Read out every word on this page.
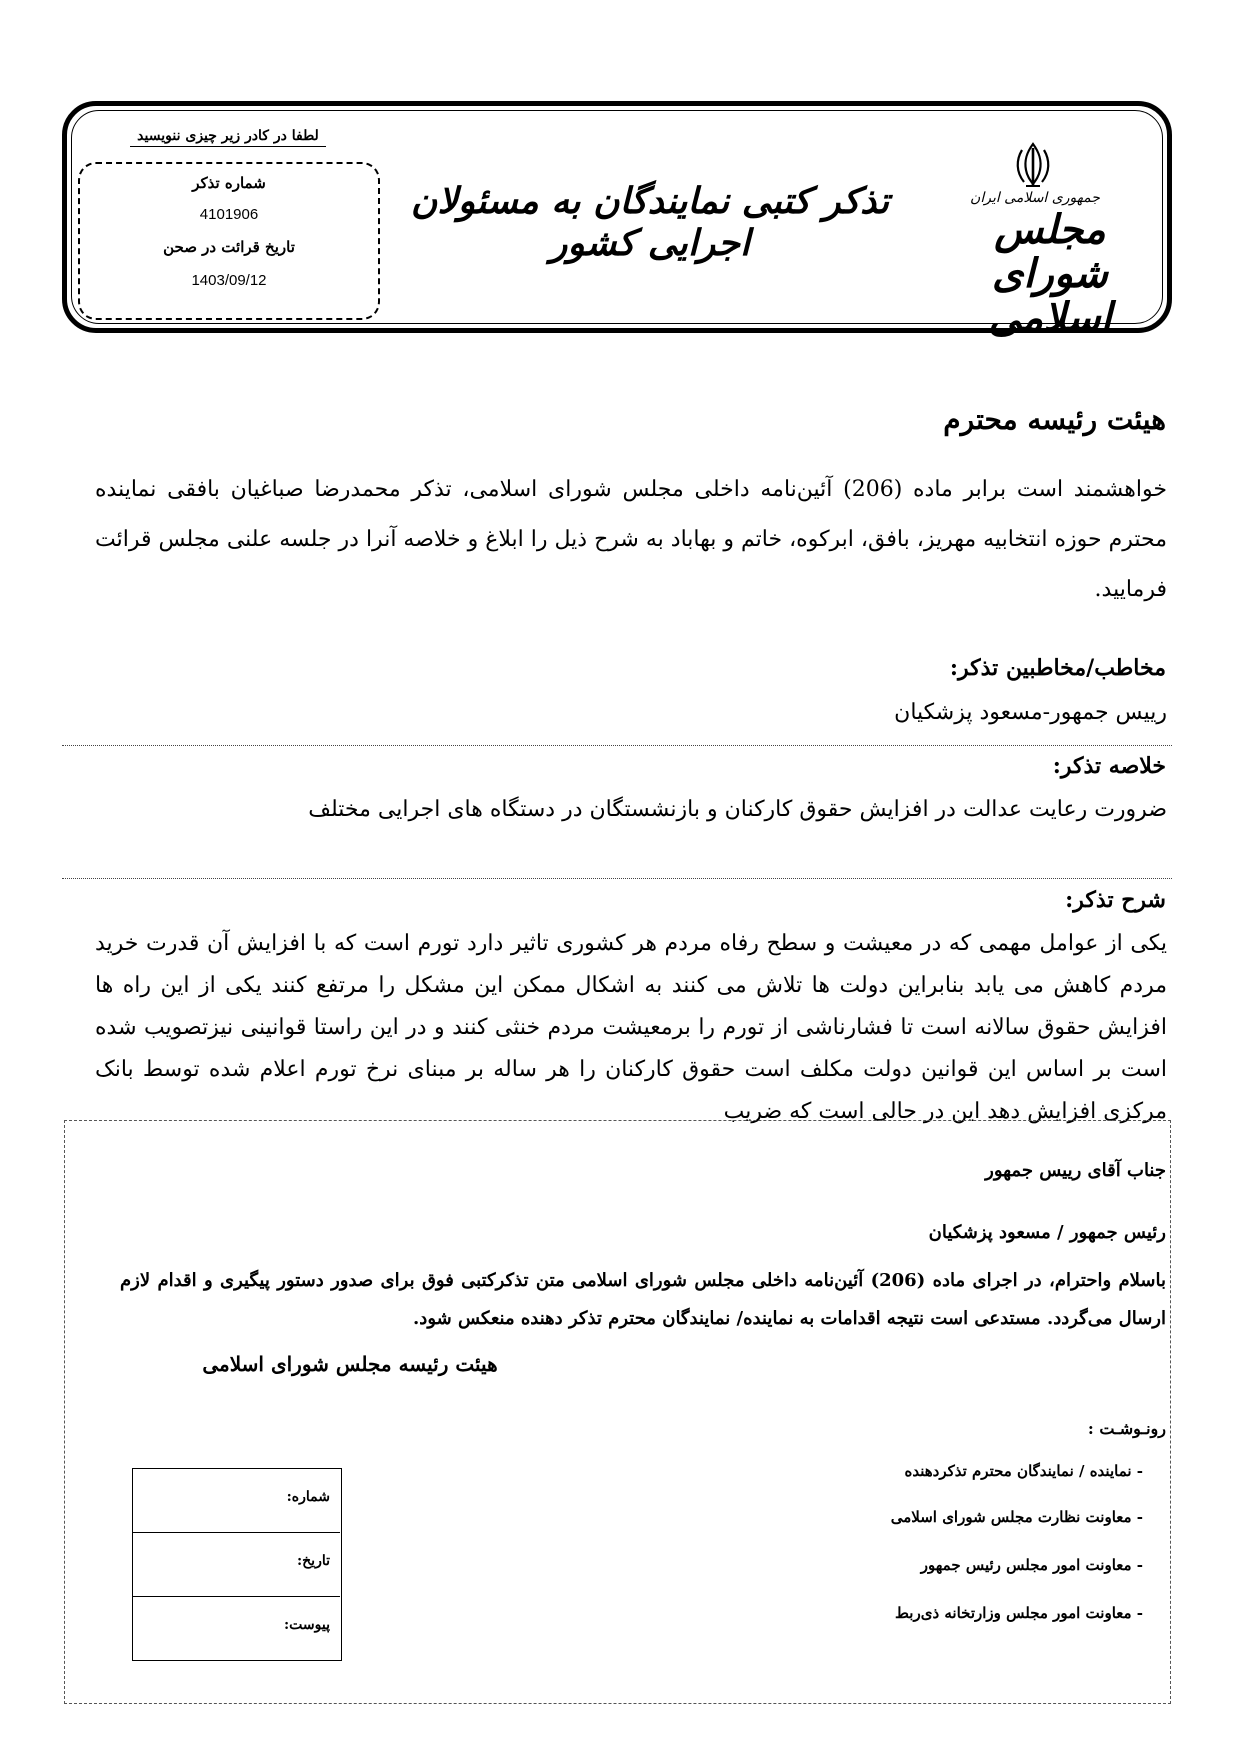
لطفا در کادر زیر چیزی ننویسید
شماره تذکر
4101906
تاریخ قرائت در صحن
1403/09/12
تذکر کتبی نمایندگان به مسئولان اجرایی کشور
جمهوری اسلامی ایران
مجلس شورای اسلامی
هیئت رئیسه محترم
خواهشمند است برابر ماده (206) آئین‌نامه داخلی مجلس شورای اسلامی، تذکر محمدرضا صباغیان بافقی نماینده محترم حوزه انتخابیه مهریز، بافق، ابرکوه، خاتم و بهاباد به شرح ذیل را ابلاغ و خلاصه آنرا در جلسه علنی مجلس قرائت فرمایید.
مخاطب/مخاطبین تذکر:
رییس جمهور-مسعود پزشکیان
خلاصه تذکر:
ضرورت رعایت عدالت در افزایش حقوق کارکنان و بازنشستگان در دستگاه های اجرایی مختلف
شرح تذکر:
یکی از عوامل مهمی که در معیشت و سطح رفاه مردم هر کشوری تاثیر دارد تورم است که با افزایش آن قدرت خرید مردم کاهش می یابد بنابراین دولت ها تلاش می کنند به اشکال ممکن این مشکل را مرتفع کنند یکی از این راه ها افزایش حقوق سالانه است تا فشارناشی از تورم را برمعیشت مردم خنثی کنند و در این راستا قوانینی نیزتصویب شده است بر اساس این قوانین دولت مکلف است حقوق کارکنان را هر ساله بر مبنای نرخ تورم اعلام شده توسط بانک مرکزی افزایش دهد این در حالی است که ضریب
جناب آقای رییس جمهور
رئیس جمهور / مسعود پزشکیان
باسلام واحترام، در اجرای ماده (206) آئین‌نامه داخلی مجلس شورای اسلامی متن تذکرکتبی فوق برای صدور دستور پیگیری و اقدام لازم ارسال می‌گردد. مستدعی است نتیجه اقدامات به نماینده/ نمایندگان محترم تذکر دهنده منعکس شود.
هیئت رئیسه مجلس شورای اسلامی
رونـوشـت :
- نماینده / نمایندگان محترم تذکردهنده
- معاونت نظارت مجلس شورای اسلامی
- معاونت امور مجلس رئیس جمهور
- معاونت امور مجلس وزارتخانه ذی‌ربط
شماره:
تاریخ:
پیوست:
